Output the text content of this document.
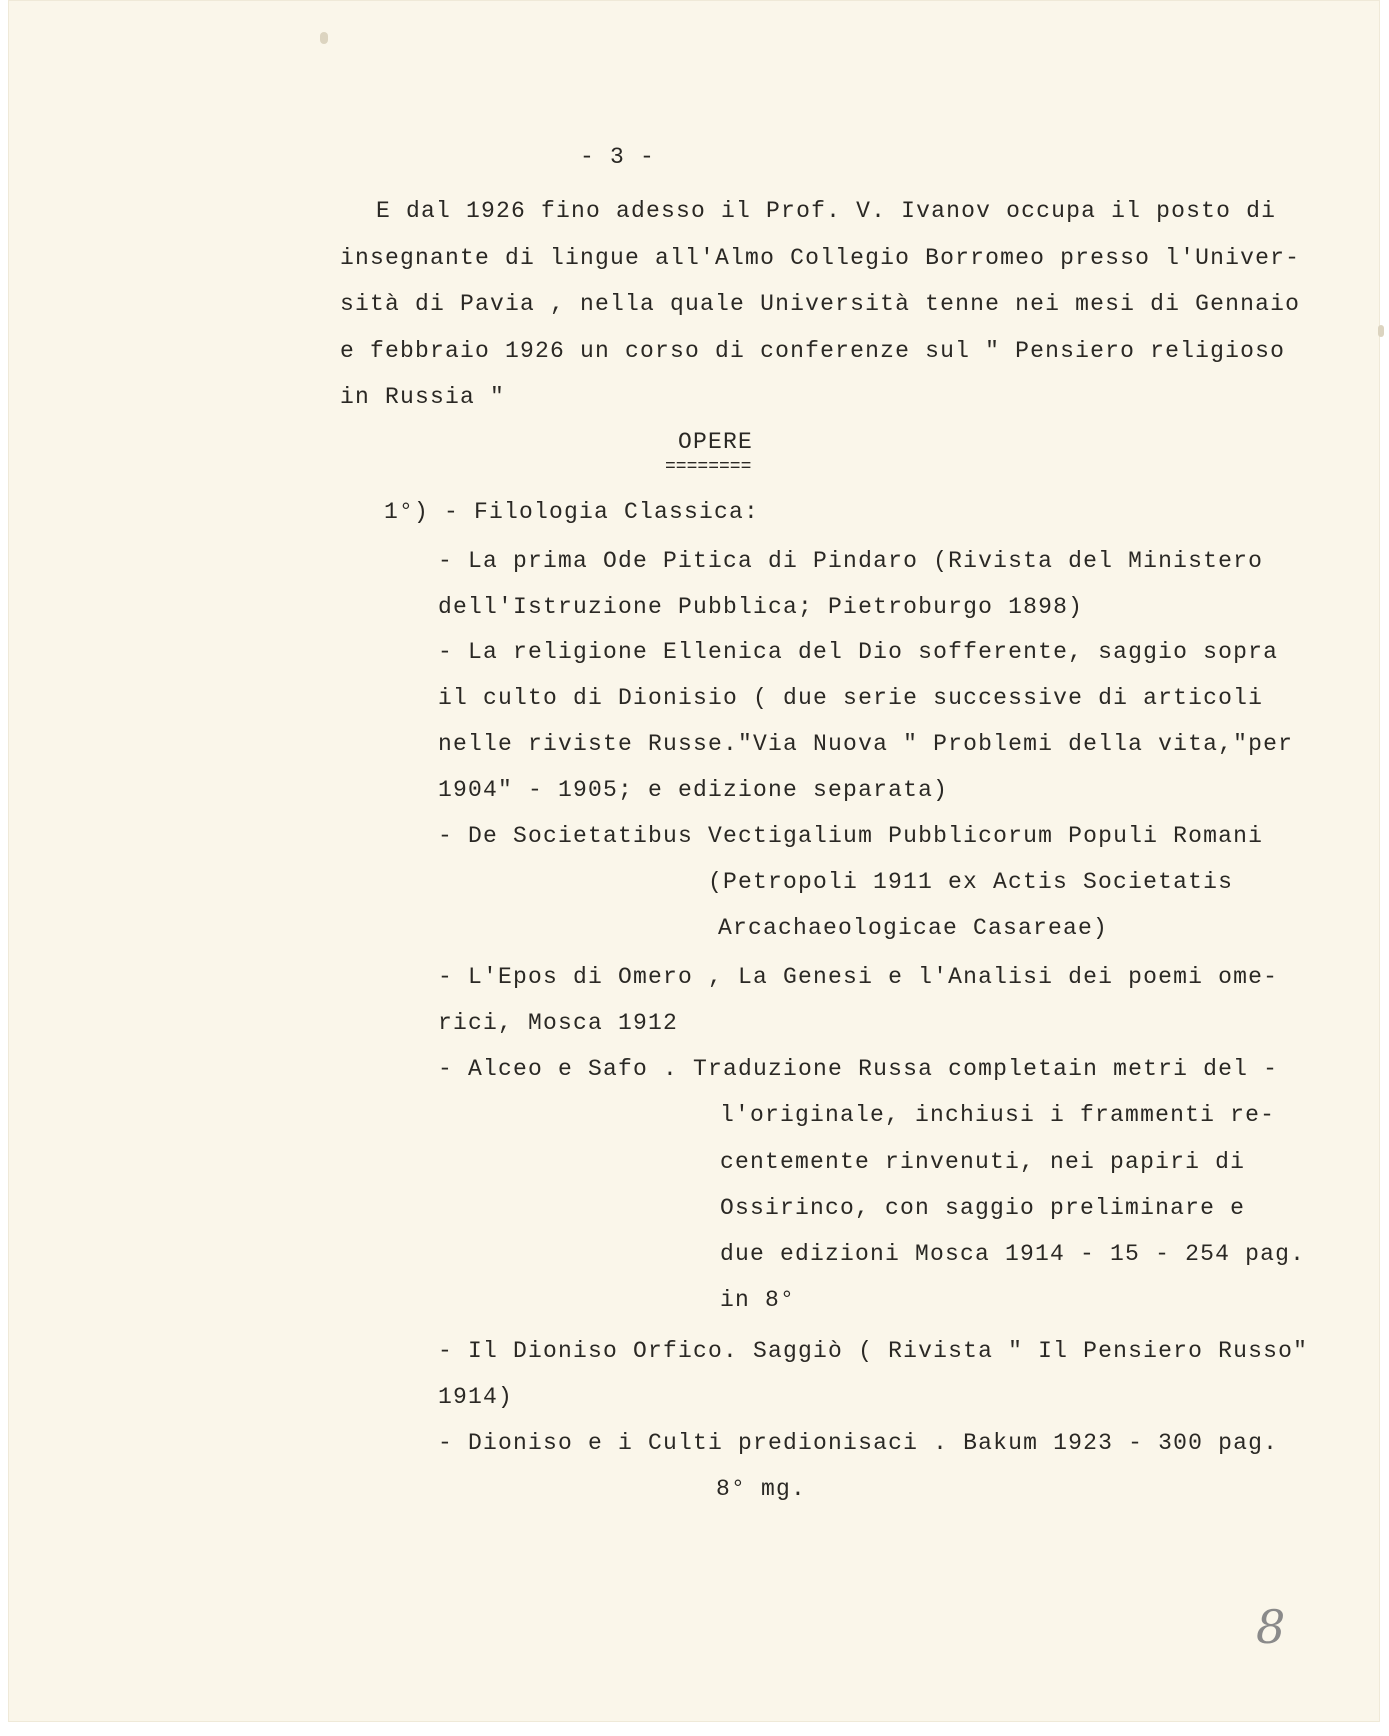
- 3 -
E dal 1926 fino adesso il Prof. V. Ivanov occupa il posto di
insegnante di lingue all'Almo Collegio Borromeo presso l'Univer-
sità di Pavia , nella quale Università tenne nei mesi di Gennaio
e febbraio 1926 un corso di conferenze sul " Pensiero religioso
in Russia "
OPERE
========
1°) - Filologia Classica:
- La prima Ode Pitica di Pindaro (Rivista del Ministero
dell'Istruzione Pubblica; Pietroburgo 1898)
- La religione Ellenica del Dio sofferente, saggio sopra
il culto di Dionisio ( due serie successive di articoli
nelle riviste Russe."Via Nuova " Problemi della vita,"per
1904" - 1905; e edizione separata)
- De Societatibus Vectigalium Pubblicorum Populi Romani
(Petropoli 1911 ex Actis Societatis
Arcachaeologicae Casareae)
- L'Epos di Omero , La Genesi e l'Analisi dei poemi ome-
rici, Mosca 1912
- Alceo e Safo . Traduzione Russa completain metri del -
l'originale, inchiusi i frammenti re-
centemente rinvenuti, nei papiri di
Ossirinco, con saggio preliminare e
due edizioni Mosca 1914 - 15 - 254 pag.
in 8°
- Il Dioniso Orfico. Saggiò ( Rivista " Il Pensiero Russo"
1914)
- Dioniso e i Culti predionisaci . Bakum 1923 - 300 pag.
8° mg.
8
